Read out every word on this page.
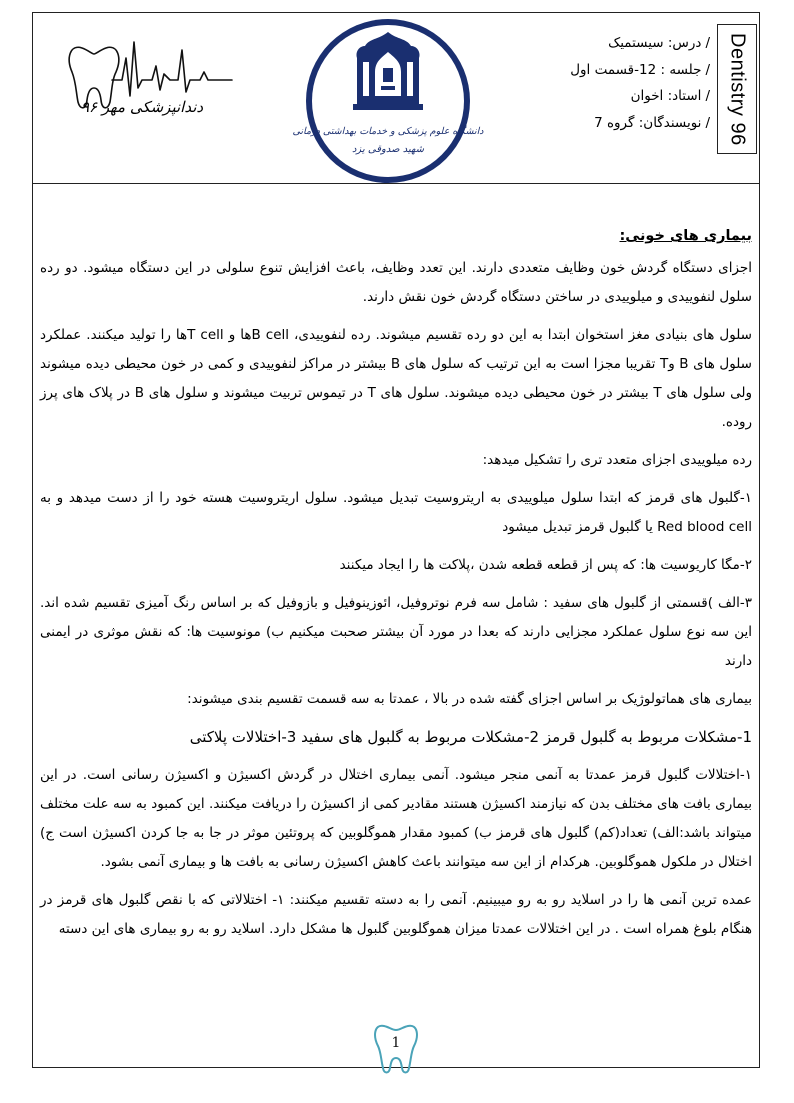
Dentistry 96
/درس: سیستمیک
/جلسه : 12-قسمت اول
/استاد: اخوان
/نویسندگان: گروه 7
دانشگاه علوم پزشکی و خدمات بهداشتی درمانی
شهید صدوقی یزد
دندانپزشکی مهر ۹۶

بیماری های خونی:

اجزای دستگاه گردش خون وظایف متعددی دارند. این تعدد وظایف، باعث افزایش تنوع سلولی در این دستگاه میشود. دو رده سلول لنفوییدی و میلوییدی در ساختن دستگاه گردش خون نقش دارند.

سلول های بنیادی مغز استخوان ابتدا به این دو رده تقسیم میشوند. رده لنفوییدی، B cellها و T cellها را تولید میکنند. عملکرد سلول های B وT تقریبا مجزا است به این ترتیب که سلول های B بیشتر در مراکز لنفوییدی و کمی در خون محیطی دیده میشوند ولی سلول های T بیشتر در خون محیطی دیده میشوند. سلول های T در تیموس تربیت میشوند و سلول های B در پلاک های پرز روده.

رده میلوییدی اجزای متعدد تری را تشکیل میدهد:

۱-گلبول های قرمز که ابتدا سلول میلوییدی به اریتروسیت تبدیل میشود. سلول اریتروسیت هسته خود را از دست میدهد و به Red blood cell یا گلبول قرمز تبدیل میشود

۲-مگا کاریوسیت ها: که پس از قطعه قطعه شدن ،پلاکت ها را ایجاد میکنند

۳-الف )قسمتی از گلبول های سفید : شامل سه فرم نوتروفیل، ائوزینوفیل و بازوفیل که بر اساس رنگ آمیزی تقسیم شده اند. این سه نوع سلول عملکرد مجزایی دارند که بعدا در مورد آن بیشتر صحبت میکنیم ب) مونوسیت ها: که نقش موثری در ایمنی دارند

بیماری های هماتولوژیک بر اساس اجزای گفته شده در بالا ، عمدتا به سه قسمت تقسیم بندی میشوند:

1-مشکلات مربوط به گلبول قرمز 2-مشکلات مربوط به گلبول های سفید 3-اختلالات پلاکتی

۱-اختلالات گلبول قرمز عمدتا به آنمی منجر میشود. آنمی بیماری اختلال در گردش اکسیژن و اکسیژن رسانی است. در این بیماری بافت های مختلف بدن که نیازمند اکسیژن هستند مقادیر کمی از اکسیژن را دریافت میکنند. این کمبود به سه علت مختلف میتواند باشد:الف) تعداد(کم) گلبول های قرمز ب) کمبود مقدار هموگلوبین که پروتئین موثر در جا به جا کردن اکسیژن است ج) اختلال در ملکول هموگلوبین. هرکدام از این سه میتوانند باعث کاهش اکسیژن رسانی به بافت ها و بیماری آنمی بشود.

عمده ترین آنمی ها را در اسلاید رو به رو میبینیم. آنمی را به دسته تقسیم میکنند: ۱- اختلالاتی که با نقص گلبول های قرمز در هنگام بلوغ همراه است . در این اختلالات عمدتا میزان هموگلوبین گلبول ها مشکل دارد. اسلاید رو به رو بیماری های این دسته

1
